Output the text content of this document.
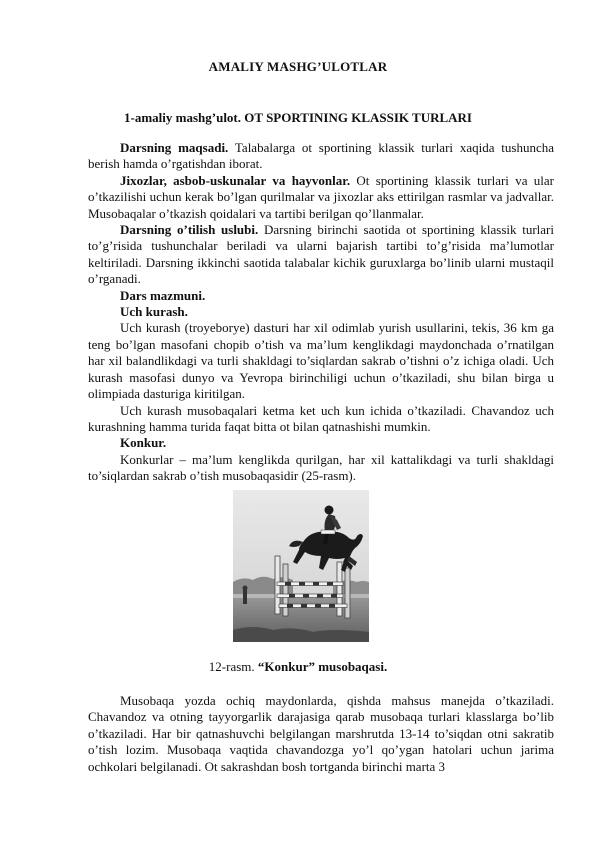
AMALIY MASHG’ULOTLAR
1-amaliy mashg’ulot. OT SPORTINING KLASSIK TURLARI

Darsning maqsadi. Talabalarga ot sportining klassik turlari xaqida tushuncha berish hamda o’rgatishdan iborat.

Jixozlar, asbob-uskunalar va hayvonlar. Ot sportining klassik turlari va ular o’tkazilishi uchun kerak bo’lgan qurilmalar va jixozlar aks ettirilgan rasmlar va jadvallar. Musobaqalar o’tkazish qoidalari va tartibi berilgan qo’llanmalar.

Darsning o’tilish uslubi. Darsning birinchi saotida ot sportining klassik turlari to’g’risida tushunchalar beriladi va ularni bajarish tartibi to’g’risida ma’lumotlar keltiriladi. Darsning ikkinchi saotida talabalar kichik guruxlarga bo’linib ularni mustaqil o’rganadi.

Dars mazmuni.

Uch kurash.

Uch kurash (troyeborye) dasturi har xil odimlab yurish usullarini, tekis, 36 km ga teng bo’lgan masofani chopib o’tish va ma’lum kenglikdagi maydonchada o’rnatilgan har xil balandlikdagi va turli shakldagi to’siqlardan sakrab o’tishni o’z ichiga oladi. Uch kurash masofasi dunyo va Yevropa birinchiligi uchun o’tkaziladi, shu bilan birga u olimpiada dasturiga kiritilgan.

Uch kurash musobaqalari ketma ket uch kun ichida o’tkaziladi. Chavandoz uch kurashning hamma turida faqat bitta ot bilan qatnashishi mumkin.

Konkur.

Konkurlar – ma’lum kenglikda qurilgan, har xil kattalikdagi va turli shakldagi to’siqlardan sakrab o’tish musobaqasidir (25-rasm).

12-rasm. “Konkur” musobaqasi.

Musobaqa yozda ochiq maydonlarda, qishda mahsus manejda o’tkaziladi. Chavandoz va otning tayyorgarlik darajasiga qarab musobaqa turlari klasslarga bo’lib o’tkaziladi. Har bir qatnashuvchi belgilangan marshrutda 13-14 to’siqdan otni sakratib o’tish lozim. Musobaqa vaqtida chavandozga yo’l qo’ygan hatolari uchun jarima ochkolari belgilanadi. Ot sakrashdan bosh tortganda birinchi marta 3
